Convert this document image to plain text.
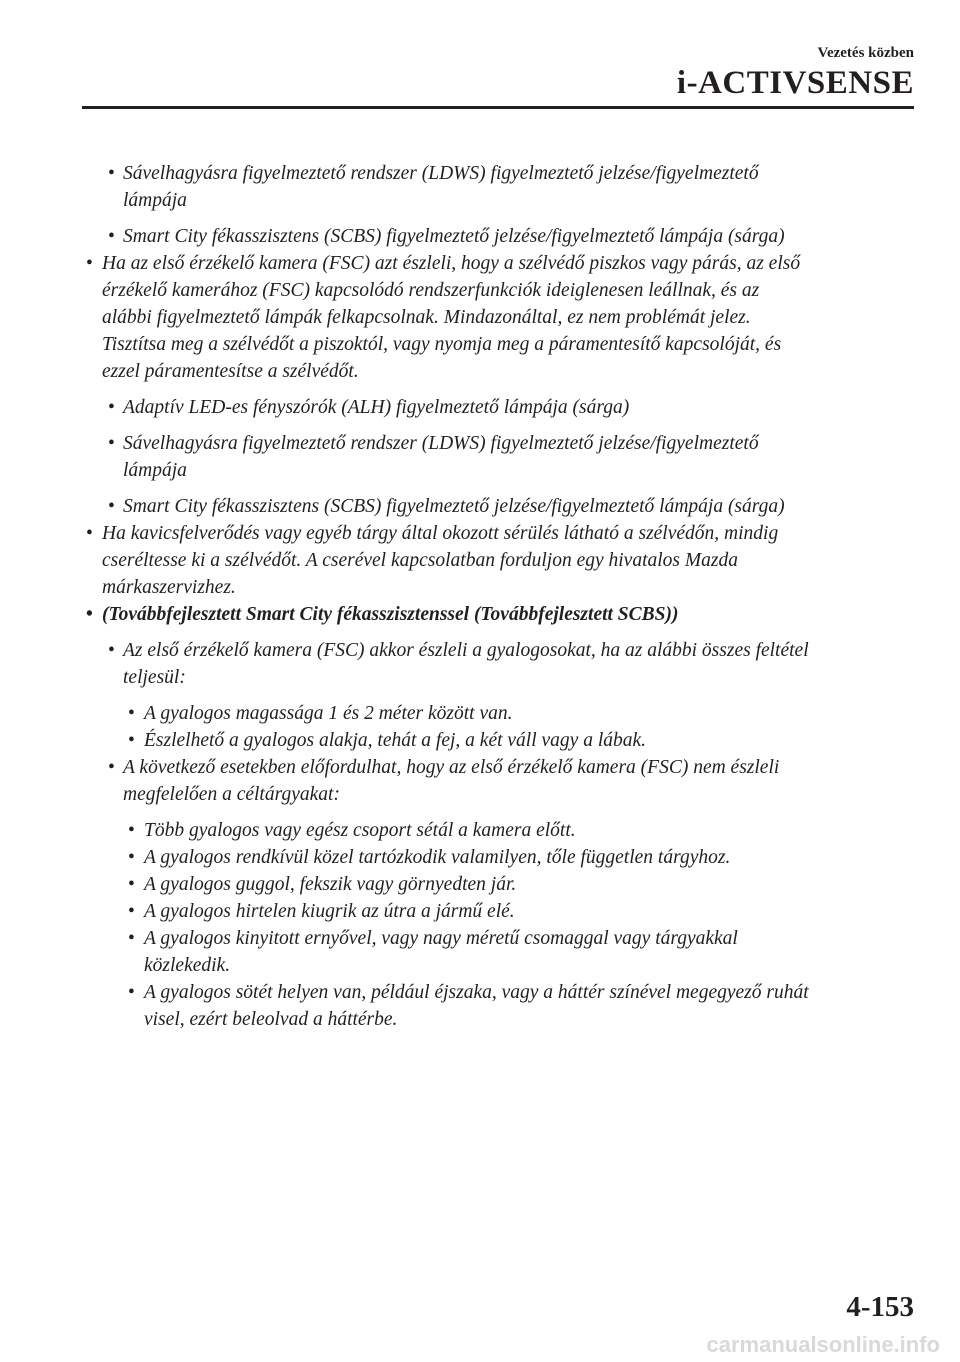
Vezetés közben
i-ACTIVSENSE
• Sávelhagyásra figyelmeztető rendszer (LDWS) figyelmeztető jelzése/figyelmeztető
lámpája
• Smart City fékasszisztens (SCBS) figyelmeztető jelzése/figyelmeztető lámpája (sárga)
• Ha az első érzékelő kamera (FSC) azt észleli, hogy a szélvédő piszkos vagy párás, az első
érzékelő kamerához (FSC) kapcsolódó rendszerfunkciók ideiglenesen leállnak, és az
alábbi figyelmeztető lámpák felkapcsolnak. Mindazonáltal, ez nem problémát jelez.
Tisztítsa meg a szélvédőt a piszoktól, vagy nyomja meg a páramentesítő kapcsolóját, és
ezzel páramentesítse a szélvédőt.
• Adaptív LED-es fényszórók (ALH) figyelmeztető lámpája (sárga)
• Sávelhagyásra figyelmeztető rendszer (LDWS) figyelmeztető jelzése/figyelmeztető
lámpája
• Smart City fékasszisztens (SCBS) figyelmeztető jelzése/figyelmeztető lámpája (sárga)
• Ha kavicsfelverődés vagy egyéb tárgy által okozott sérülés látható a szélvédőn, mindig
cseréltesse ki a szélvédőt. A cserével kapcsolatban forduljon egy hivatalos Mazda
márkaszervizhez.
• (Továbbfejlesztett Smart City fékasszisztenssel (Továbbfejlesztett SCBS))
• Az első érzékelő kamera (FSC) akkor észleli a gyalogosokat, ha az alábbi összes feltétel
teljesül:
• A gyalogos magassága 1 és 2 méter között van.
• Észlelhető a gyalogos alakja, tehát a fej, a két váll vagy a lábak.
• A következő esetekben előfordulhat, hogy az első érzékelő kamera (FSC) nem észleli
megfelelően a céltárgyakat:
• Több gyalogos vagy egész csoport sétál a kamera előtt.
• A gyalogos rendkívül közel tartózkodik valamilyen, tőle független tárgyhoz.
• A gyalogos guggol, fekszik vagy görnyedten jár.
• A gyalogos hirtelen kiugrik az útra a jármű elé.
• A gyalogos kinyitott ernyővel, vagy nagy méretű csomaggal vagy tárgyakkal
közlekedik.
• A gyalogos sötét helyen van, például éjszaka, vagy a háttér színével megegyező ruhát
visel, ezért beleolvad a háttérbe.
4-153
carmanualsonline.info
